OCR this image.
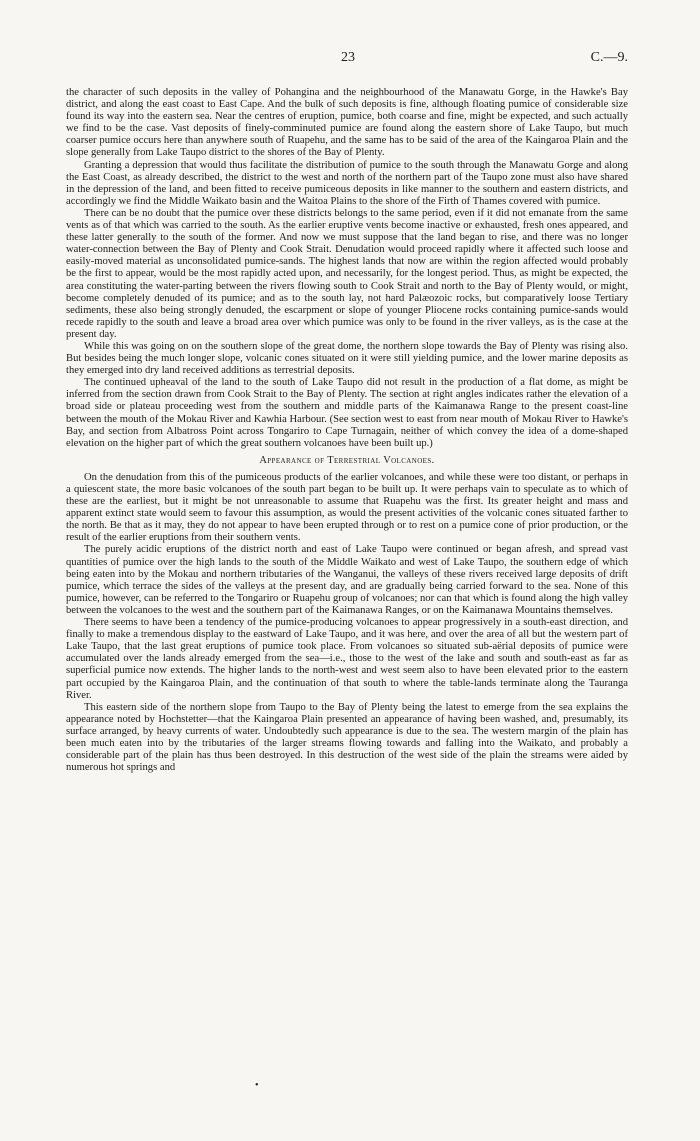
23	C.—9.

the character of such deposits in the valley of Pohangina and the neighbourhood of the Manawatu Gorge, in the Hawke's Bay district, and along the east coast to East Cape. And the bulk of such deposits is fine, although floating pumice of considerable size found its way into the eastern sea. Near the centres of eruption, pumice, both coarse and fine, might be expected, and such actually we find to be the case. Vast deposits of finely-comminuted pumice are found along the eastern shore of Lake Taupo, but much coarser pumice occurs here than anywhere south of Ruapehu, and the same has to be said of the area of the Kaingaroa Plain and the slope generally from Lake Taupo district to the shores of the Bay of Plenty.

Granting a depression that would thus facilitate the distribution of pumice to the south through the Manawatu Gorge and along the East Coast, as already described, the district to the west and north of the northern part of the Taupo zone must also have shared in the depression of the land, and been fitted to receive pumiceous deposits in like manner to the southern and eastern districts, and accordingly we find the Middle Waikato basin and the Waitoa Plains to the shore of the Firth of Thames covered with pumice.

There can be no doubt that the pumice over these districts belongs to the same period, even if it did not emanate from the same vents as of that which was carried to the south. As the earlier eruptive vents become inactive or exhausted, fresh ones appeared, and these latter generally to the south of the former. And now we must suppose that the land began to rise, and there was no longer water-connection between the Bay of Plenty and Cook Strait. Denudation would proceed rapidly where it affected such loose and easily-moved material as unconsolidated pumice-sands. The highest lands that now are within the region affected would probably be the first to appear, would be the most rapidly acted upon, and necessarily, for the longest period. Thus, as might be expected, the area constituting the water-parting between the rivers flowing south to Cook Strait and north to the Bay of Plenty would, or might, become completely denuded of its pumice; and as to the south lay, not hard Palæozoic rocks, but comparatively loose Tertiary sediments, these also being strongly denuded, the escarpment or slope of younger Pliocene rocks containing pumice-sands would recede rapidly to the south and leave a broad area over which pumice was only to be found in the river valleys, as is the case at the present day.

While this was going on on the southern slope of the great dome, the northern slope towards the Bay of Plenty was rising also. But besides being the much longer slope, volcanic cones situated on it were still yielding pumice, and the lower marine deposits as they emerged into dry land received additions as terrestrial deposits.

The continued upheaval of the land to the south of Lake Taupo did not result in the production of a flat dome, as might be inferred from the section drawn from Cook Strait to the Bay of Plenty. The section at right angles indicates rather the elevation of a broad side or plateau proceeding west from the southern and middle parts of the Kaimanawa Range to the present coast-line between the mouth of the Mokau River and Kawhia Harbour. (See section west to east from near mouth of Mokau River to Hawke's Bay, and section from Albatross Point across Tongariro to Cape Turnagain, neither of which convey the idea of a dome-shaped elevation on the higher part of which the great southern volcanoes have been built up.)

Appearance of Terrestrial Volcanoes.

On the denudation from this of the pumiceous products of the earlier volcanoes, and while these were too distant, or perhaps in a quiescent state, the more basic volcanoes of the south part began to be built up. It were perhaps vain to speculate as to which of these are the earliest, but it might be not unreasonable to assume that Ruapehu was the first. Its greater height and mass and apparent extinct state would seem to favour this assumption, as would the present activities of the volcanic cones situated farther to the north. Be that as it may, they do not appear to have been erupted through or to rest on a pumice cone of prior production, or the result of the earlier eruptions from their southern vents.

The purely acidic eruptions of the district north and east of Lake Taupo were continued or began afresh, and spread vast quantities of pumice over the high lands to the south of the Middle Waikato and west of Lake Taupo, the southern edge of which being eaten into by the Mokau and northern tributaries of the Wanganui, the valleys of these rivers received large deposits of drift pumice, which terrace the sides of the valleys at the present day, and are gradually being carried forward to the sea. None of this pumice, however, can be referred to the Tongariro or Ruapehu group of volcanoes; nor can that which is found along the high valley between the volcanoes to the west and the southern part of the Kaimanawa Ranges, or on the Kaimanawa Mountains themselves.

There seems to have been a tendency of the pumice-producing volcanoes to appear progressively in a south-east direction, and finally to make a tremendous display to the eastward of Lake Taupo, and it was here, and over the area of all but the western part of Lake Taupo, that the last great eruptions of pumice took place. From volcanoes so situated sub-aërial deposits of pumice were accumulated over the lands already emerged from the sea—i.e., those to the west of the lake and south and south-east as far as superficial pumice now extends. The higher lands to the north-west and west seem also to have been elevated prior to the eastern part occupied by the Kaingaroa Plain, and the continuation of that south to where the table-lands terminate along the Tauranga River.

This eastern side of the northern slope from Taupo to the Bay of Plenty being the latest to emerge from the sea explains the appearance noted by Hochstetter—that the Kaingaroa Plain presented an appearance of having been washed, and, presumably, its surface arranged, by heavy currents of water. Undoubtedly such appearance is due to the sea. The western margin of the plain has been much eaten into by the tributaries of the larger streams flowing towards and falling into the Waikato, and probably a considerable part of the plain has thus been destroyed. In this destruction of the west side of the plain the streams were aided by numerous hot springs and

•
